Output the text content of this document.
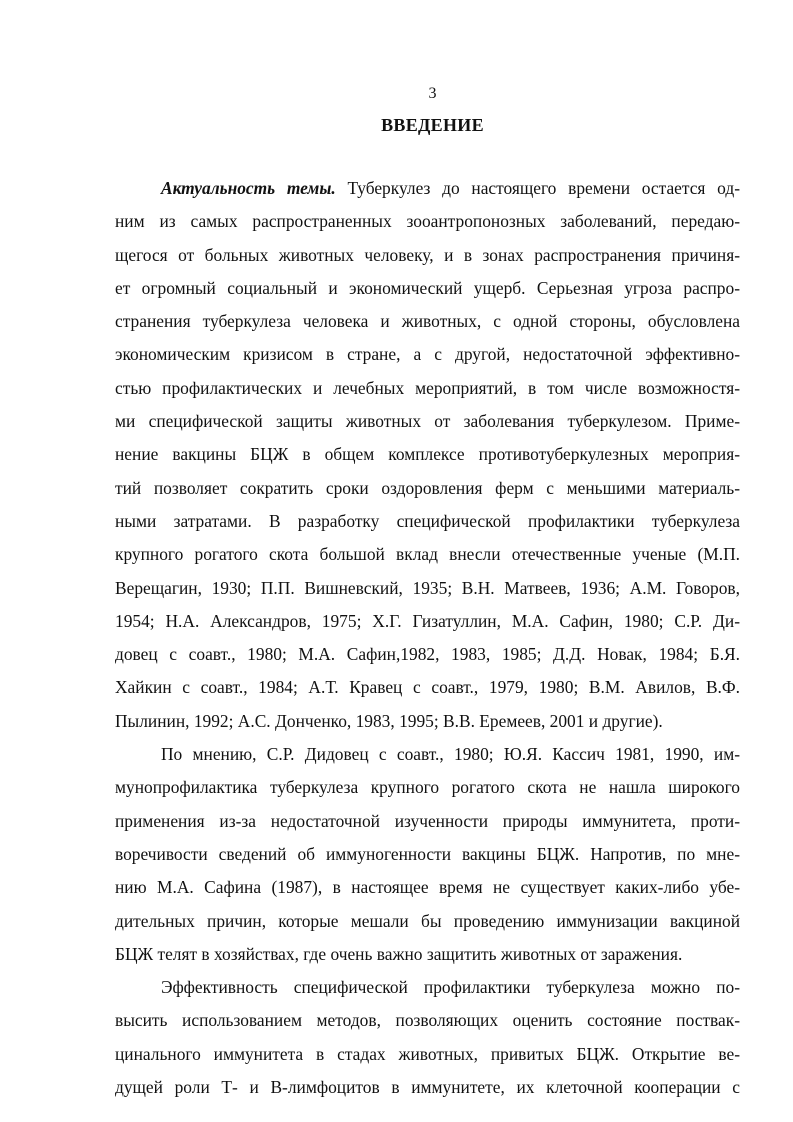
3
ВВЕДЕНИЕ
Актуальность темы. Туберкулез до настоящего времени остается од-
ним из самых распространенных зооантропонозных заболеваний, передаю-
щегося от больных животных человеку, и в зонах распространения причиня-
ет огромный социальный и экономический ущерб. Серьезная угроза распро-
странения туберкулеза человека и животных, с одной стороны, обусловлена
экономическим кризисом в стране, а с другой, недостаточной эффективно-
стью профилактических и лечебных мероприятий, в том числе возможностя-
ми специфической защиты животных от заболевания туберкулезом. Приме-
нение вакцины БЦЖ в общем комплексе противотуберкулезных мероприя-
тий позволяет сократить сроки оздоровления ферм с меньшими материаль-
ными затратами. В разработку специфической профилактики туберкулеза
крупного рогатого скота большой вклад внесли отечественные ученые (М.П.
Верещагин, 1930; П.П. Вишневский, 1935; В.Н. Матвеев, 1936; А.М. Говоров,
1954; Н.А. Александров, 1975; Х.Г. Гизатуллин, М.А. Сафин, 1980; С.Р. Ди-
довец с соавт., 1980; М.А. Сафин,1982, 1983, 1985; Д.Д. Новак, 1984; Б.Я.
Хайкин с соавт., 1984; А.Т. Кравец с соавт., 1979, 1980; В.М. Авилов, В.Ф.
Пылинин, 1992; А.С. Донченко, 1983, 1995; В.В. Еремеев, 2001 и другие).
По мнению, С.Р. Дидовец с соавт., 1980; Ю.Я. Кассич 1981, 1990, им-
мунопрофилактика туберкулеза крупного рогатого скота не нашла широкого
применения из-за недостаточной изученности природы иммунитета, проти-
воречивости сведений об иммуногенности вакцины БЦЖ. Напротив, по мне-
нию М.А. Сафина (1987), в настоящее время не существует каких-либо убе-
дительных причин, которые мешали бы проведению иммунизации вакциной
БЦЖ телят в хозяйствах, где очень важно защитить животных от заражения.
Эффективность специфической профилактики туберкулеза можно по-
высить использованием методов, позволяющих оценить состояние поствак-
цинального иммунитета в стадах животных, привитых БЦЖ. Открытие ве-
дущей роли Т- и В-лимфоцитов в иммунитете, их клеточной кооперации с
